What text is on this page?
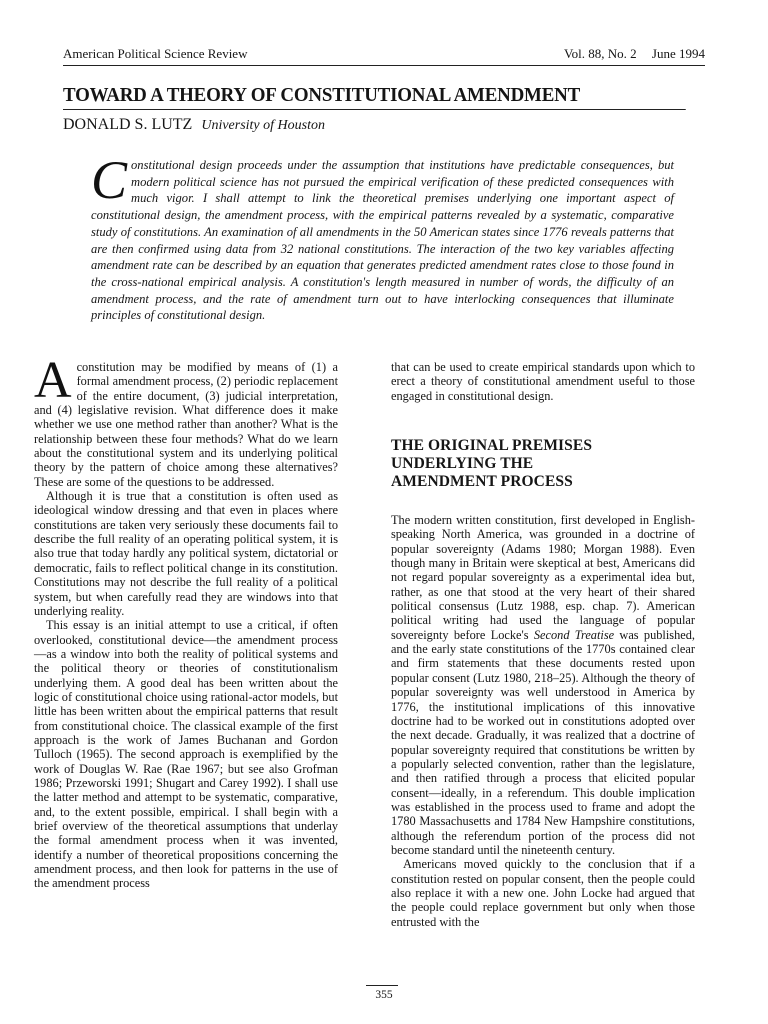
American Political Science Review	Vol. 88, No. 2 June 1994
TOWARD A THEORY OF CONSTITUTIONAL AMENDMENT
DONALD S. LUTZ University of Houston

Constitutional design proceeds under the assumption that institutions have predictable consequences, but modern political science has not pursued the empirical verification of these predicted consequences with much vigor. I shall attempt to link the theoretical premises underlying one important aspect of constitutional design, the amendment process, with the empirical patterns revealed by a systematic, comparative study of constitutions. An examination of all amendments in the 50 American states since 1776 reveals patterns that are then confirmed using data from 32 national constitutions. The interaction of the two key variables affecting amendment rate can be described by an equation that generates predicted amendment rates close to those found in the cross-national empirical analysis. A constitution's length measured in number of words, the difficulty of an amendment process, and the rate of amendment turn out to have interlocking consequences that illuminate principles of constitutional design.

Aconstitution may be modified by means of (1) a formal amendment process, (2) periodic replacement of the entire document, (3) judicial interpretation, and (4) legislative revision. What difference does it make whether we use one method rather than another? What is the relationship between these four methods? What do we learn about the constitutional system and its underlying political theory by the pattern of choice among these alternatives? These are some of the questions to be addressed.

Although it is true that a constitution is often used as ideological window dressing and that even in places where constitutions are taken very seriously these documents fail to describe the full reality of an operating political system, it is also true that today hardly any political system, dictatorial or democratic, fails to reflect political change in its constitution. Constitutions may not describe the full reality of a political system, but when carefully read they are windows into that underlying reality.

This essay is an initial attempt to use a critical, if often overlooked, constitutional device—the amendment process—as a window into both the reality of political systems and the political theory or theories of constitutionalism underlying them. A good deal has been written about the logic of constitutional choice using rational-actor models, but little has been written about the empirical patterns that result from constitutional choice. The classical example of the first approach is the work of James Buchanan and Gordon Tulloch (1965). The second approach is exemplified by the work of Douglas W. Rae (Rae 1967; but see also Grofman 1986; Przeworski 1991; Shugart and Carey 1992). I shall use the latter method and attempt to be systematic, comparative, and, to the extent possible, empirical. I shall begin with a brief overview of the theoretical assumptions that underlay the formal amendment process when it was invented, identify a number of theoretical propositions concerning the amendment process, and then look for patterns in the use of the amendment process

that can be used to create empirical standards upon which to erect a theory of constitutional amendment useful to those engaged in constitutional design.

THE ORIGINAL PREMISES
UNDERLYING THE
AMENDMENT PROCESS

The modern written constitution, first developed in English-speaking North America, was grounded in a doctrine of popular sovereignty (Adams 1980; Morgan 1988). Even though many in Britain were skeptical at best, Americans did not regard popular sovereignty as a experimental idea but, rather, as one that stood at the very heart of their shared political consensus (Lutz 1988, esp. chap. 7). American political writing had used the language of popular sovereignty before Locke's Second Treatise was published, and the early state constitutions of the 1770s contained clear and firm statements that these documents rested upon popular consent (Lutz 1980, 218–25). Although the theory of popular sovereignty was well understood in America by 1776, the institutional implications of this innovative doctrine had to be worked out in constitutions adopted over the next decade. Gradually, it was realized that a doctrine of popular sovereignty required that constitutions be written by a popularly selected convention, rather than the legislature, and then ratified through a process that elicited popular consent—ideally, in a referendum. This double implication was established in the process used to frame and adopt the 1780 Massachusetts and 1784 New Hampshire constitutions, although the referendum portion of the process did not become standard until the nineteenth century.

Americans moved quickly to the conclusion that if a constitution rested on popular consent, then the people could also replace it with a new one. John Locke had argued that the people could replace government but only when those entrusted with the

355
